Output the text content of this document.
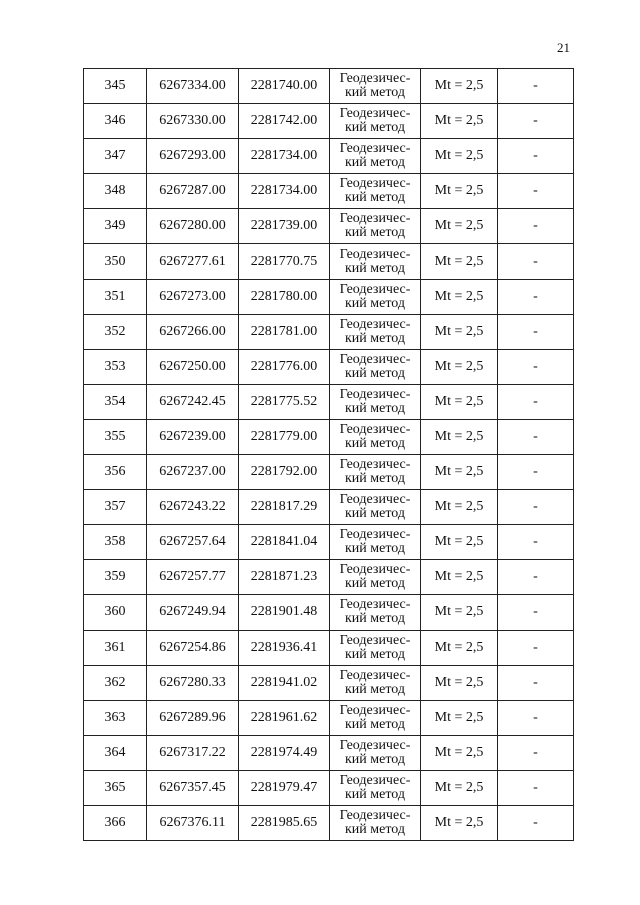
21
345	6267334.00	2281740.00	Геодезичес-
кий метод	Mt = 2,5	-
346	6267330.00	2281742.00	Геодезичес-
кий метод	Mt = 2,5	-
347	6267293.00	2281734.00	Геодезичес-
кий метод	Mt = 2,5	-
348	6267287.00	2281734.00	Геодезичес-
кий метод	Mt = 2,5	-
349	6267280.00	2281739.00	Геодезичес-
кий метод	Mt = 2,5	-
350	6267277.61	2281770.75	Геодезичес-
кий метод	Mt = 2,5	-
351	6267273.00	2281780.00	Геодезичес-
кий метод	Mt = 2,5	-
352	6267266.00	2281781.00	Геодезичес-
кий метод	Mt = 2,5	-
353	6267250.00	2281776.00	Геодезичес-
кий метод	Mt = 2,5	-
354	6267242.45	2281775.52	Геодезичес-
кий метод	Mt = 2,5	-
355	6267239.00	2281779.00	Геодезичес-
кий метод	Mt = 2,5	-
356	6267237.00	2281792.00	Геодезичес-
кий метод	Mt = 2,5	-
357	6267243.22	2281817.29	Геодезичес-
кий метод	Mt = 2,5	-
358	6267257.64	2281841.04	Геодезичес-
кий метод	Mt = 2,5	-
359	6267257.77	2281871.23	Геодезичес-
кий метод	Mt = 2,5	-
360	6267249.94	2281901.48	Геодезичес-
кий метод	Mt = 2,5	-
361	6267254.86	2281936.41	Геодезичес-
кий метод	Mt = 2,5	-
362	6267280.33	2281941.02	Геодезичес-
кий метод	Mt = 2,5	-
363	6267289.96	2281961.62	Геодезичес-
кий метод	Mt = 2,5	-
364	6267317.22	2281974.49	Геодезичес-
кий метод	Mt = 2,5	-
365	6267357.45	2281979.47	Геодезичес-
кий метод	Mt = 2,5	-
366	6267376.11	2281985.65	Геодезичес-
кий метод	Mt = 2,5	-
